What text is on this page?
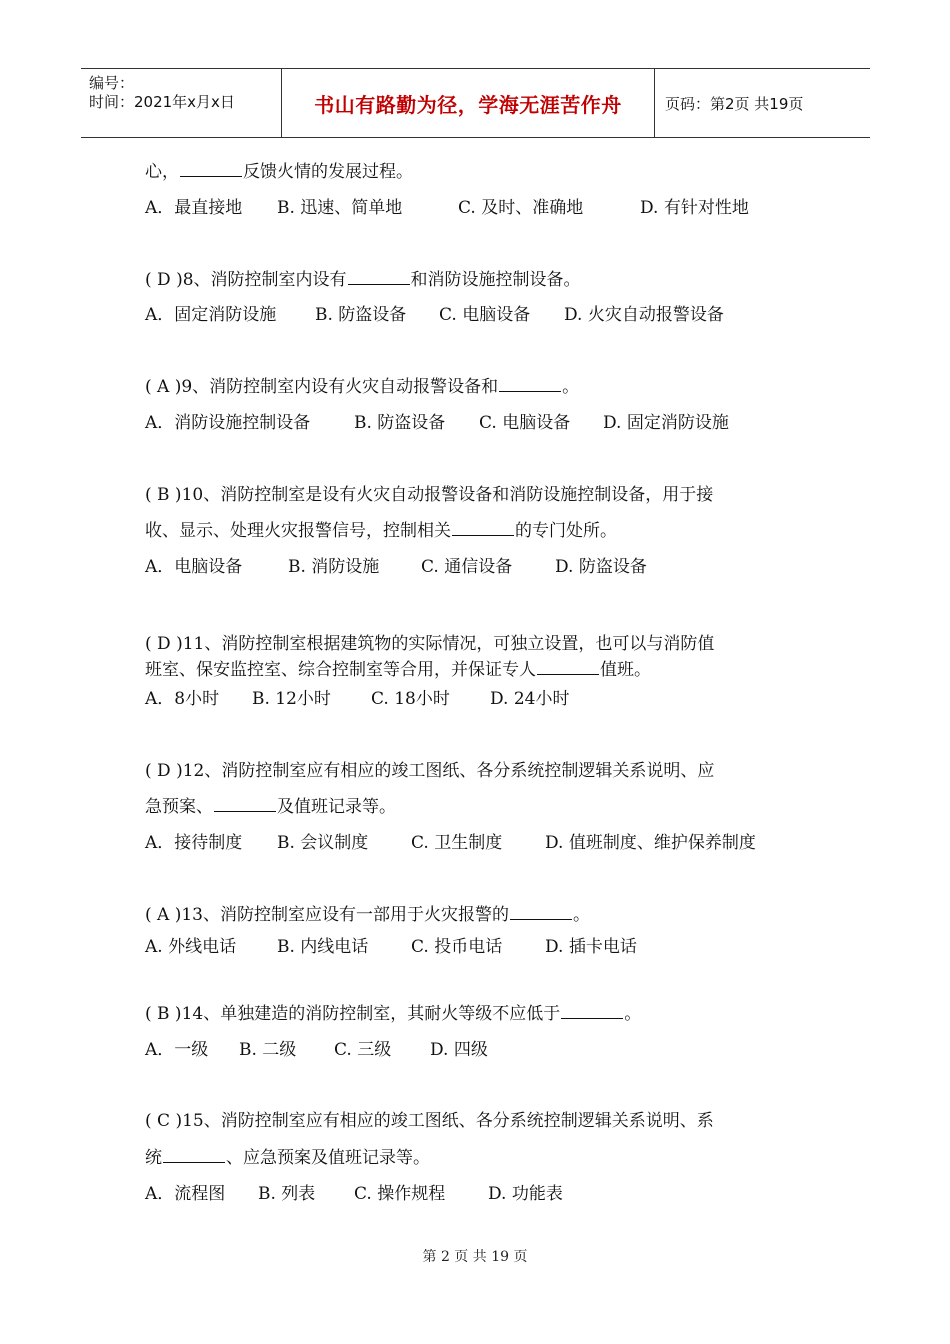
编号：
时间：2021年x月x日	书山有路勤为径，学海无涯苦作舟	页码：第2页 共19页
心，	反馈火情的发展过程。
A．最直接地 B. 迅速、简单地	C. 及时、准确地	D. 有针对性地
( D )8、消防控制室内设有	和消防设施控制设备。
A．固定消防设施 B. 防盗设备 C. 电脑设备 D. 火灾自动报警设备
( A )9、消防控制室内设有火灾自动报警设备和	。
A．消防设施控制设备	B. 防盗设备 C. 电脑设备 D. 固定消防设施
( B )10、消防控制室是设有火灾自动报警设备和消防设施控制设备，用于接
收、显示、处理火灾报警信号，控制相关	的专门处所。
A．电脑设备	B. 消防设施 C. 通信设备	D. 防盗设备
( D )11、消防控制室根据建筑物的实际情况，可独立设置，也可以与消防值
班室、保安监控室、综合控制室等合用，并保证专人	值班。
A．8小时 B. 12小时 C. 18小时 D. 24小时
( D )12、消防控制室应有相应的竣工图纸、各分系统控制逻辑关系说明、应
急预案、	及值班记录等。
A．接待制度 B. 会议制度	C. 卫生制度	D. 值班制度、维护保养制度
( A )13、消防控制室应设有一部用于火灾报警的	。
A. 外线电话 B. 内线电话	C. 投币电话	D. 插卡电话
( B )14、单独建造的消防控制室，其耐火等级不应低于	。
A．一级 B. 二级 C. 三级 D. 四级
( C )15、消防控制室应有相应的竣工图纸、各分系统控制逻辑关系说明、系
统	、应急预案及值班记录等。
A．流程图 B. 列表 C. 操作规程	D. 功能表
第 2 页 共 19 页
